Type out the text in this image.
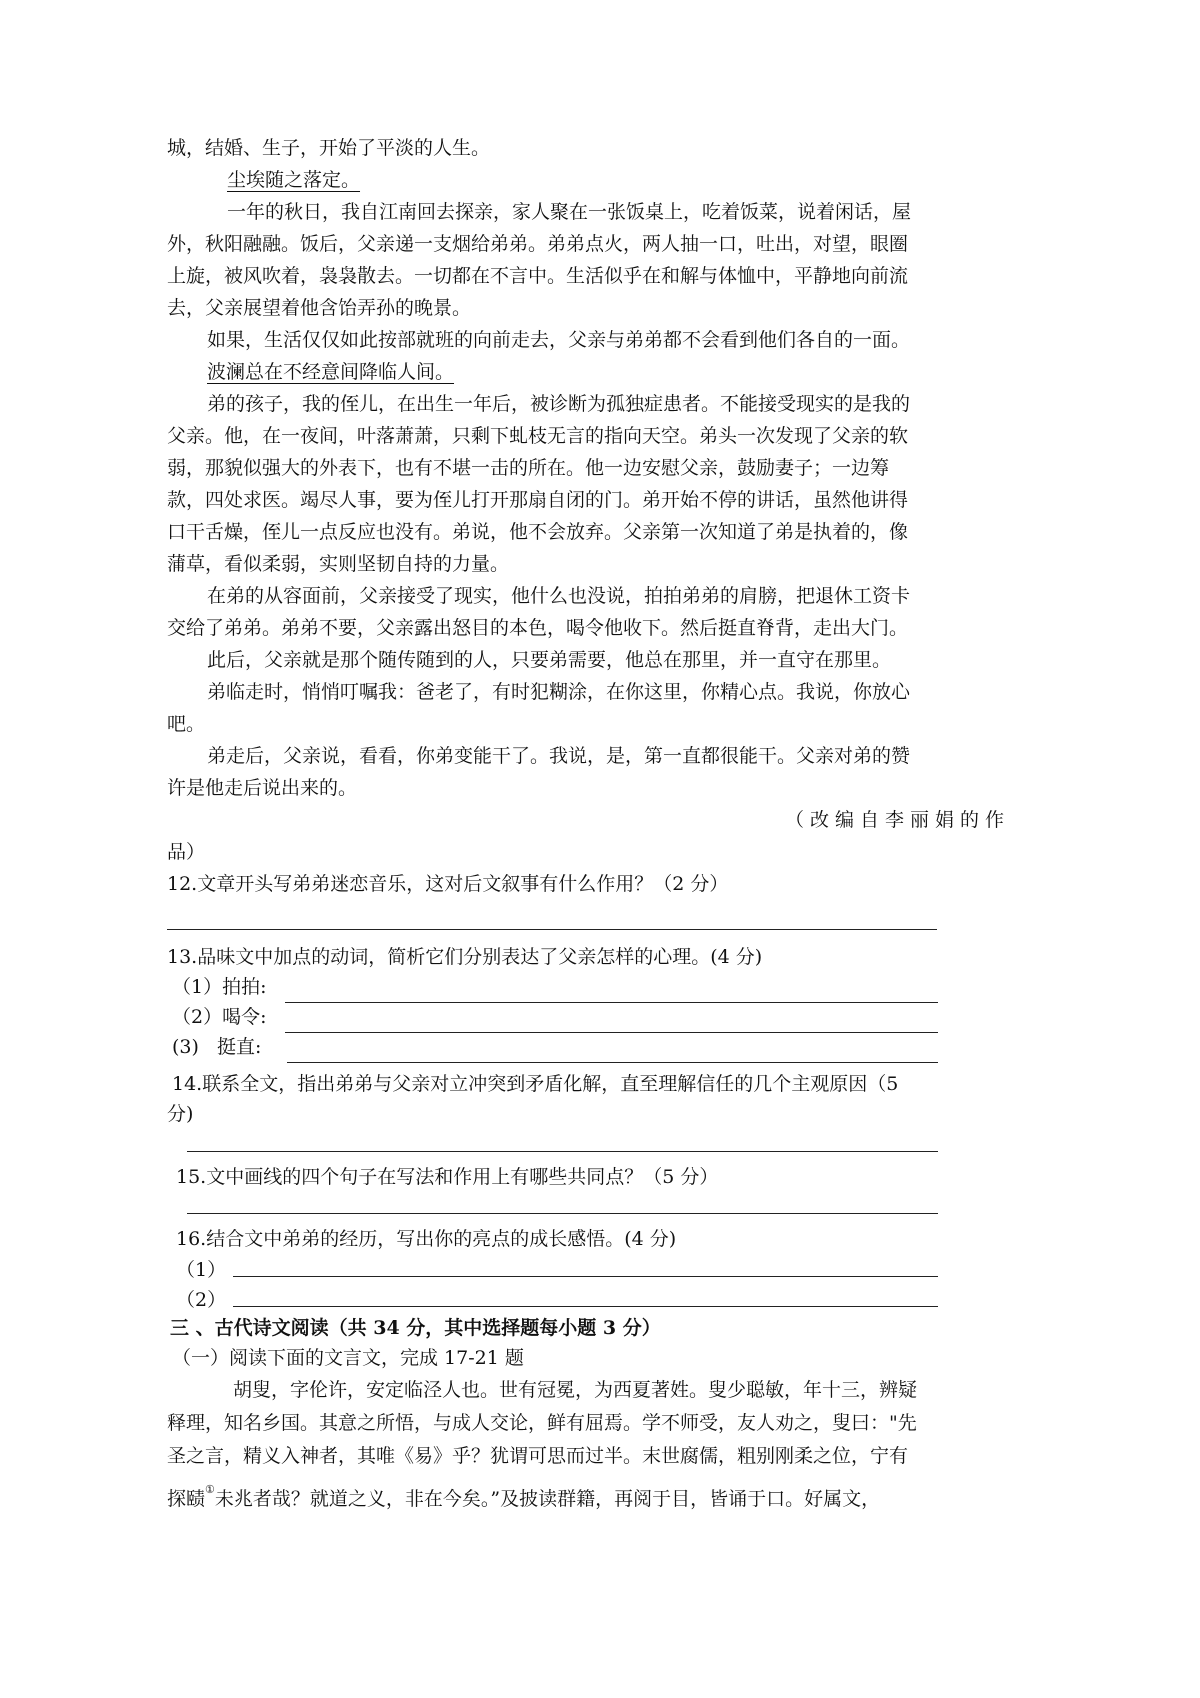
城，结婚、生子，开始了平淡的人生。
尘埃随之落定。
一年的秋日，我自江南回去探亲，家人聚在一张饭桌上，吃着饭菜，说着闲话，屋
外，秋阳融融。饭后，父亲递一支烟给弟弟。弟弟点火，两人抽一口，吐出，对望，眼圈
上旋，被风吹着，袅袅散去。一切都在不言中。生活似乎在和解与体恤中，平静地向前流
去，父亲展望着他含饴弄孙的晚景。
如果，生活仅仅如此按部就班的向前走去，父亲与弟弟都不会看到他们各自的一面。
波澜总在不经意间降临人间。
弟的孩子，我的侄儿，在出生一年后，被诊断为孤独症患者。不能接受现实的是我的
父亲。他，在一夜间，叶落萧萧，只剩下虬枝无言的指向天空。弟头一次发现了父亲的软
弱，那貌似强大的外表下，也有不堪一击的所在。他一边安慰父亲，鼓励妻子；一边筹
款，四处求医。竭尽人事，要为侄儿打开那扇自闭的门。弟开始不停的讲话，虽然他讲得
口干舌燥，侄儿一点反应也没有。弟说，他不会放弃。父亲第一次知道了弟是执着的，像
蒲草，看似柔弱，实则坚韧自持的力量。
在弟的从容面前，父亲接受了现实，他什么也没说，拍拍弟弟的肩膀，把退休工资卡
交给了弟弟。弟弟不要，父亲露出怒目的本色，喝令他收下。然后挺直脊背，走出大门。
此后，父亲就是那个随传随到的人，只要弟需要，他总在那里，并一直守在那里。
弟临走时，悄悄叮嘱我：爸老了，有时犯糊涂，在你这里，你精心点。我说，你放心
吧。
弟走后，父亲说，看看，你弟变能干了。我说，是，第一直都很能干。父亲对弟的赞
许是他走后说出来的。
（改编自李丽娟的作
品）
12.文章开头写弟弟迷恋音乐，这对后文叙事有什么作用？（2 分）
13.品味文中加点的动词，简析它们分别表达了父亲怎样的心理。(4 分)
（1）拍拍:
（2）喝令:
(3)   挺直:
14.联系全文，指出弟弟与父亲对立冲突到矛盾化解，直至理解信任的几个主观原因（5
分)
15.文中画线的四个句子在写法和作用上有哪些共同点？（5 分）
16.结合文中弟弟的经历，写出你的亮点的成长感悟。(4 分)
（1）
（2）
三 、古代诗文阅读（共 34 分，其中选择题每小题 3 分）
（一）阅读下面的文言文，完成 17-21 题
胡叟，字伦许，安定临泾人也。世有冠冕，为西夏著姓。叟少聪敏，年十三，辨疑
释理，知名乡国。其意之所悟，与成人交论，鲜有屈焉。学不师受，友人劝之，叟曰："先
圣之言，精义入神者，其唯《易》乎？犹谓可思而过半。末世腐儒，粗别刚柔之位，宁有
探赜①未兆者哉？就道之义，非在今矣。”及披读群籍，再阅于目，皆诵于口。好属文，
